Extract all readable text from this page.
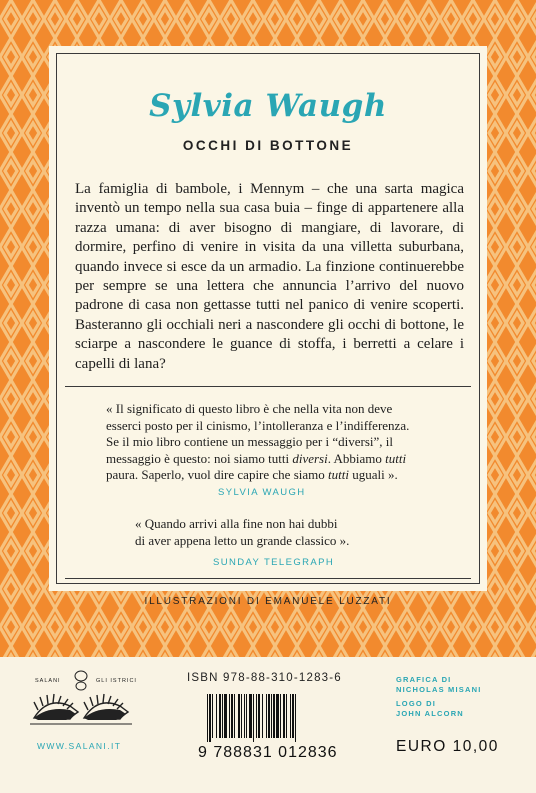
Sylvia Waugh
OCCHI DI BOTTONE

La famiglia di bambole, i Mennym – che una sarta magica inventò un tempo nella sua casa buia – finge di appartenere alla razza umana: di aver bisogno di mangiare, di lavorare, di dormire, perfino di venire in visita da una villetta suburbana, quando invece si esce da un armadio. La finzione continuerebbe per sempre se una lettera che annuncia l’arrivo del nuovo padrone di casa non gettasse tutti nel panico di venire scoperti. Basteranno gli occhiali neri a nascondere gli occhi di bottone, le sciarpe a nascondere le guance di stoffa, i berretti a celare i capelli di lana?

« Il significato di questo libro è che nella vita non deve
esserci posto per il cinismo, l’intolleranza e l’indifferenza.
Se il mio libro contiene un messaggio per i “diversi”, il
messaggio è questo: noi siamo tutti diversi. Abbiamo tutti
paura. Saperlo, vuol dire capire che siamo tutti uguali ».
SYLVIA WAUGH
« Quando arrivi alla fine non hai dubbi
di aver appena letto un grande classico ».
SUNDAY TELEGRAPH
ILLUSTRAZIONI DI EMANUELE LUZZATI
SALANI	GLI ISTRICI
WWW.SALANI.IT
ISBN 978-88-310-1283-6
9 788831 012836
GRAFICA DI
NICHOLAS MISANI
LOGO DI
JOHN ALCORN
EURO 10,00
